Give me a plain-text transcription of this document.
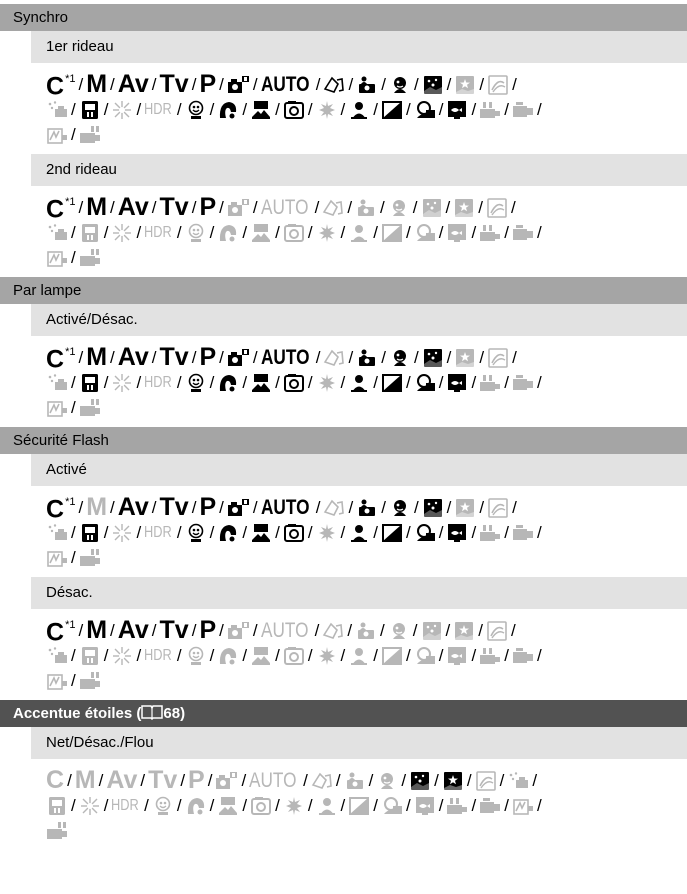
Synchro
1er rideau
$C^{*1}$ / M / Av / Tv / P / / AUTO / / / / / / /
/ / / HDR / / / / / / / / / / / /
/
2nd rideau
$C^{*1}$ / M / Av / Tv / P / / AUTO / / / / / / /
/ / / HDR / / / / / / / / / / / /
/
Par lampe
Activé/Désac.
$C^{*1}$ / M / Av / Tv / P / / AUTO / / / / / / /
/ / / HDR / / / / / / / / / / / /
/
Sécurité Flash
Activé
$C^{*1}$ / M / Av / Tv / P / / AUTO / / / / / / /
/ / / HDR / / / / / / / / / / / /
/
Désac.
$C^{*1}$ / M / Av / Tv / P / / AUTO / / / / / / /
/ / / HDR / / / / / / / / / / / /
/
Accentue étoiles ( 68)
Net/Désac./Flou
C / M / Av / Tv / P / / AUTO / / / / / / / /
/ / HDR / / / / / / / / / / / / /
